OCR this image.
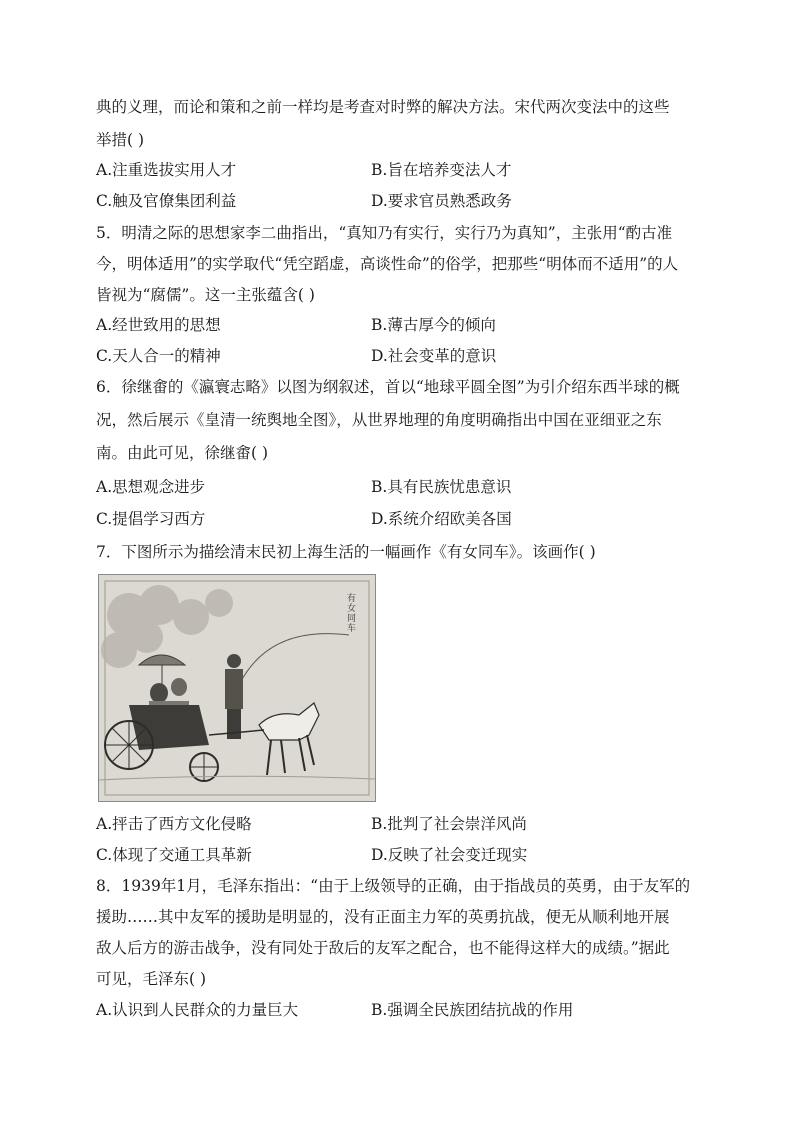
典的义理，而论和策和之前一样均是考查对时弊的解决方法。宋代两次变法中的这些
举措( )
A.注重选拔实用人才	B.旨在培养变法人才
C.触及官僚集团利益	D.要求官员熟悉政务
5．明清之际的思想家李二曲指出，“真知乃有实行，实行乃为真知”，主张用“酌古准
今，明体适用”的实学取代“凭空蹈虚，高谈性命”的俗学，把那些“明体而不适用”的人
皆视为“腐儒”。这一主张蕴含( )
A.经世致用的思想	B.薄古厚今的倾向
C.天人合一的精神	D.社会变革的意识
6．徐继畬的《瀛寰志略》以图为纲叙述，首以“地球平圆全图”为引介绍东西半球的概
况，然后展示《皇清一统舆地全图》，从世界地理的角度明确指出中国在亚细亚之东
南。由此可见，徐继畬( )
A.思想观念进步	B.具有民族忧患意识
C.提倡学习西方	D.系统介绍欧美各国
7．下图所示为描绘清末民初上海生活的一幅画作《有女同车》。该画作( )
有女同车
A.抨击了西方文化侵略	B.批判了社会崇洋风尚
C.体现了交通工具革新	D.反映了社会变迁现实
8．1939年1月，毛泽东指出：“由于上级领导的正确，由于指战员的英勇，由于友军的
援助……其中友军的援助是明显的，没有正面主力军的英勇抗战，便无从顺利地开展
敌人后方的游击战争，没有同处于敌后的友军之配合，也不能得这样大的成绩。”据此
可见，毛泽东( )
A.认识到人民群众的力量巨大	B.强调全民族团结抗战的作用
